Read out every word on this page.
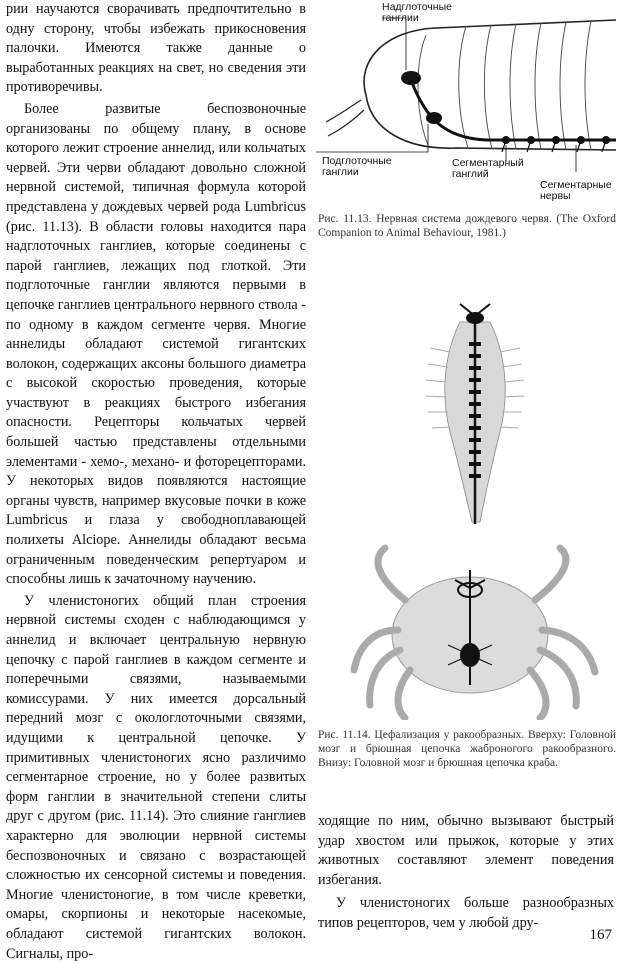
рии научаются сворачивать предпочтительно в одну сторону, чтобы избежать прикосновения палочки. Имеются также данные о выработанных реакциях на свет, но сведения эти противоречивы.

Более развитые беспозвоночные организованы по общему плану, в основе которого лежит строение аннелид, или кольчатых червей. Эти черви обладают довольно сложной нервной системой, типичная формула которой представлена у дождевых червей рода Lumbricus (рис. 11.13). В области головы находится пара надглоточных ганглиев, которые соединены с парой ганглиев, лежащих под глоткой. Эти подглоточные ганглии являются первыми в цепочке ганглиев центрального нервного ствола - по одному в каждом сегменте червя. Многие аннелиды обладают системой гигантских волокон, содержащих аксоны большого диаметра с высокой скоростью проведения, которые участвуют в реакциях быстрого избегания опасности. Рецепторы кольчатых червей большей частью представлены отдельными элементами - хемо-, механо- и фоторецепторами. У некоторых видов появляются настоящие органы чувств, например вкусовые почки в коже Lumbricus и глаза у свободноплавающей полихеты Alciope. Аннелиды обладают весьма ограниченным поведенческим репертуаром и способны лишь к зачаточному научению.

У членистоногих общий план строения нервной системы сходен с наблюдающимся у аннелид и включает центральную нервную цепочку с парой ганглиев в каждом сегменте и поперечными связями, называемыми комиссурами. У них имеется дорсальный передний мозг с окологлоточными связями, идущими к центральной цепочке. У примитивных членистоногих ясно различимо сегментарное строение, но у более развитых форм ганглии в значительной степени слиты друг с другом (рис. 11.14). Это слияние ганглиев характерно для эволюции нервной системы беспозвоночных и связано с возрастающей сложностью их сенсорной системы и поведения. Многие членистоногие, в том числе креветки, омары, скорпионы и некоторые насекомые, обладают системой гигантских волокон. Сигналы, про-

Надглоточные ганглии
Подглоточные ганглии
Сегментарный ганглий
Сегментарные нервы
Рис. 11.13. Нервная система дождевого червя. (The Oxford Companion to Animal Behaviour, 1981.)
Рис. 11.14. Цефализация у ракообразных. Вверху: Головной мозг и брюшная цепочка жаброногого ракообразного. Внизу: Головной мозг и брюшная цепочка краба.

ходящие по ним, обычно вызывают быстрый удар хвостом или прыжок, которые у этих животных составляют элемент поведения избегания.

У членистоногих больше разнообразных типов рецепторов, чем у любой дру-

167
